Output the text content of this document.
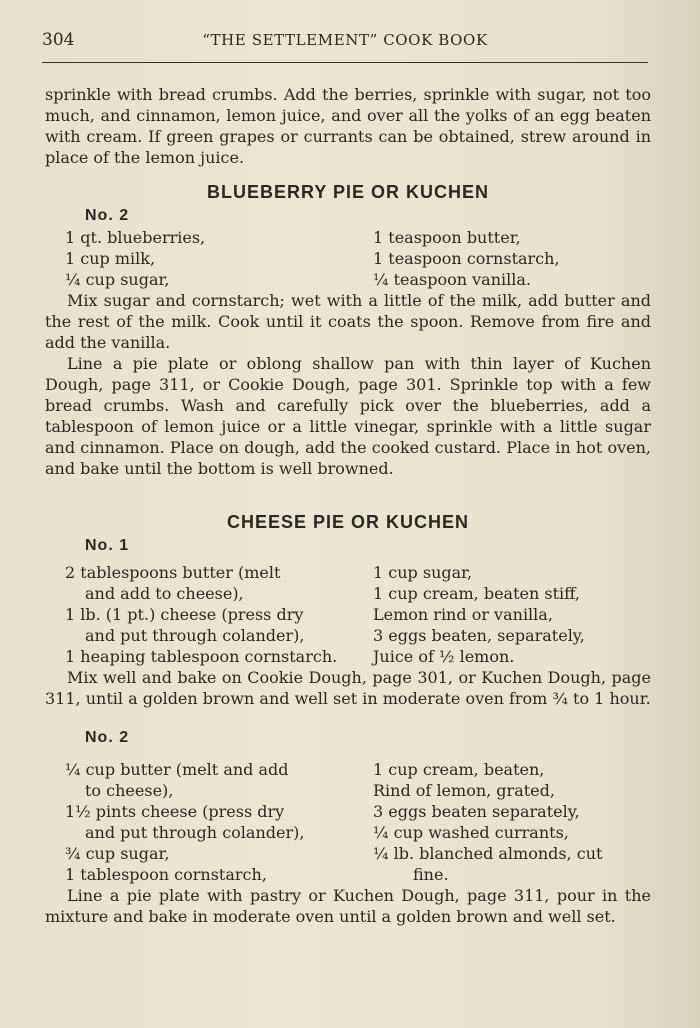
304	“THE SETTLEMENT” COOK BOOK

sprinkle with bread crumbs. Add the berries, sprinkle with sugar, not too much, and cinnamon, lemon juice, and over all the yolks of an egg beaten with cream. If green grapes or currants can be obtained, strew around in place of the lemon juice.

BLUEBERRY PIE OR KUCHEN
No. 2
1 qt. blueberries,
1 cup milk,
¼ cup sugar,
1 teaspoon butter,
1 teaspoon cornstarch,
¼ teaspoon vanilla.

Mix sugar and cornstarch; wet with a little of the milk, add butter and the rest of the milk. Cook until it coats the spoon. Remove from fire and add the vanilla.

Line a pie plate or oblong shallow pan with thin layer of Kuchen Dough, page 311, or Cookie Dough, page 301. Sprinkle top with a few bread crumbs. Wash and carefully pick over the blueberries, add a tablespoon of lemon juice or a little vinegar, sprinkle with a little sugar and cinnamon. Place on dough, add the cooked custard. Place in hot oven, and bake until the bottom is well browned.

CHEESE PIE OR KUCHEN
No. 1
2 tablespoons butter (melt
and add to cheese),
1 lb. (1 pt.) cheese (press dry
and put through colander),
1 heaping tablespoon cornstarch.
1 cup sugar,
1 cup cream, beaten stiff,
Lemon rind or vanilla,
3 eggs beaten, separately,
Juice of ½ lemon.

Mix well and bake on Cookie Dough, page 301, or Kuchen Dough, page 311, until a golden brown and well set in moderate oven from ¾ to 1 hour.

No. 2
¼ cup butter (melt and add
to cheese),
1½ pints cheese (press dry
and put through colander),
¾ cup sugar,
1 tablespoon cornstarch,
1 cup cream, beaten,
Rind of lemon, grated,
3 eggs beaten separately,
¼ cup washed currants,
¼ lb. blanched almonds, cut
fine.

Line a pie plate with pastry or Kuchen Dough, page 311, pour in the mixture and bake in moderate oven until a golden brown and well set.
